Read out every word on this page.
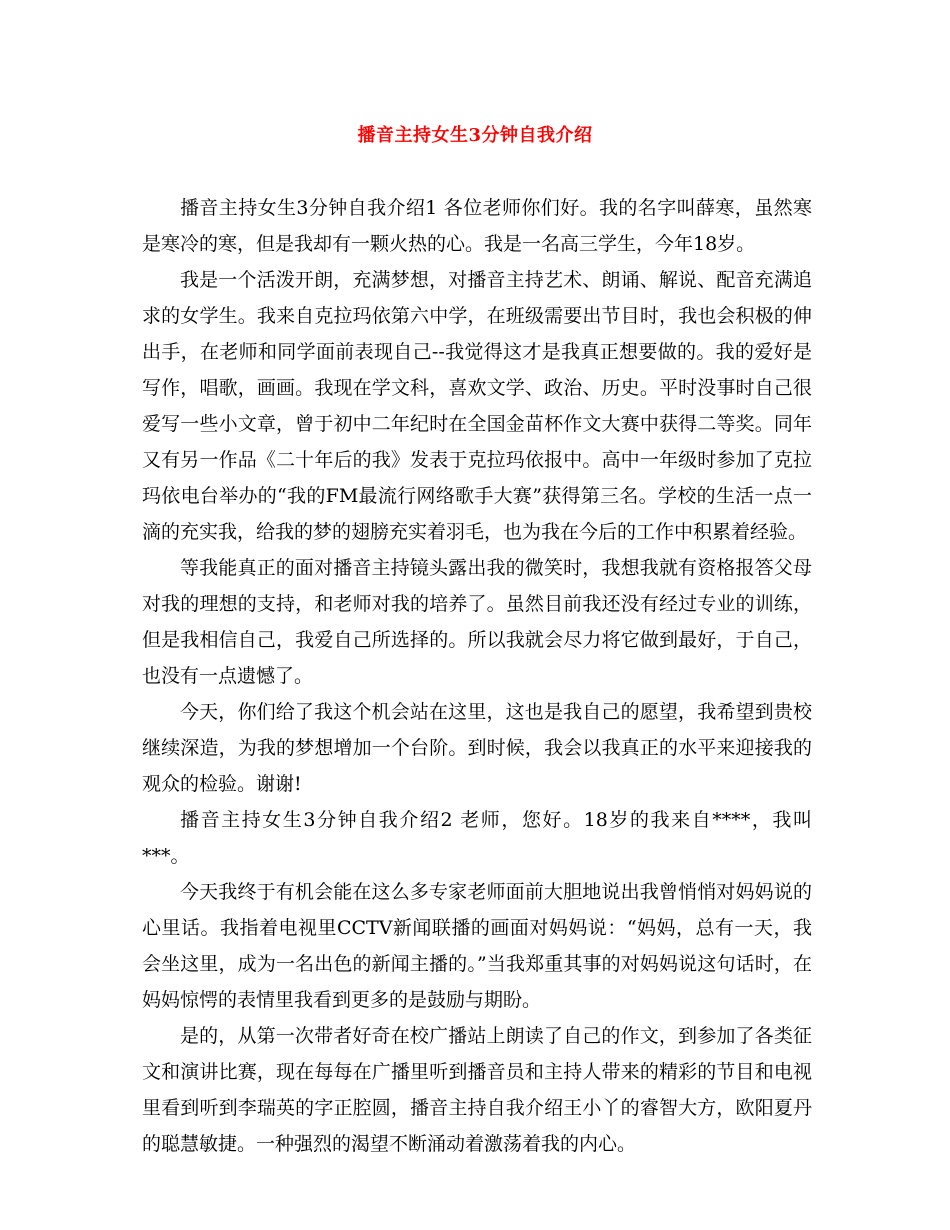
播音主持女生3分钟自我介绍

播音主持女生3分钟自我介绍1 各位老师你们好。我的名字叫薛寒，虽然寒是寒冷的寒，但是我却有一颗火热的心。我是一名高三学生，今年18岁。

我是一个活泼开朗，充满梦想，对播音主持艺术、朗诵、解说、配音充满追求的女学生。我来自克拉玛依第六中学，在班级需要出节目时，我也会积极的伸出手，在老师和同学面前表现自己--我觉得这才是我真正想要做的。我的爱好是写作，唱歌，画画。我现在学文科，喜欢文学、政治、历史。平时没事时自己很爱写一些小文章，曾于初中二年纪时在全国金苗杯作文大赛中获得二等奖。同年又有另一作品《二十年后的我》发表于克拉玛依报中。高中一年级时参加了克拉玛依电台举办的“我的FM最流行网络歌手大赛”获得第三名。学校的生活一点一滴的充实我，给我的梦的翅膀充实着羽毛，也为我在今后的工作中积累着经验。

等我能真正的面对播音主持镜头露出我的微笑时，我想我就有资格报答父母对我的理想的支持，和老师对我的培养了。虽然目前我还没有经过专业的训练，但是我相信自己，我爱自己所选择的。所以我就会尽力将它做到最好，于自己，也没有一点遗憾了。

今天，你们给了我这个机会站在这里，这也是我自己的愿望，我希望到贵校继续深造，为我的梦想增加一个台阶。到时候，我会以我真正的水平来迎接我的观众的检验。谢谢!

播音主持女生3分钟自我介绍2 老师，您好。18岁的我来自****，我叫***。

今天我终于有机会能在这么多专家老师面前大胆地说出我曾悄悄对妈妈说的心里话。我指着电视里CCTV新闻联播的画面对妈妈说：“妈妈，总有一天，我会坐这里，成为一名出色的新闻主播的。”当我郑重其事的对妈妈说这句话时，在妈妈惊愕的表情里我看到更多的是鼓励与期盼。

是的，从第一次带者好奇在校广播站上朗读了自己的作文，到参加了各类征文和演讲比赛，现在每每在广播里听到播音员和主持人带来的精彩的节目和电视里看到听到李瑞英的字正腔圆，播音主持自我介绍王小丫的睿智大方，欧阳夏丹的聪慧敏捷。一种强烈的渴望不断涌动着激荡着我的内心。
